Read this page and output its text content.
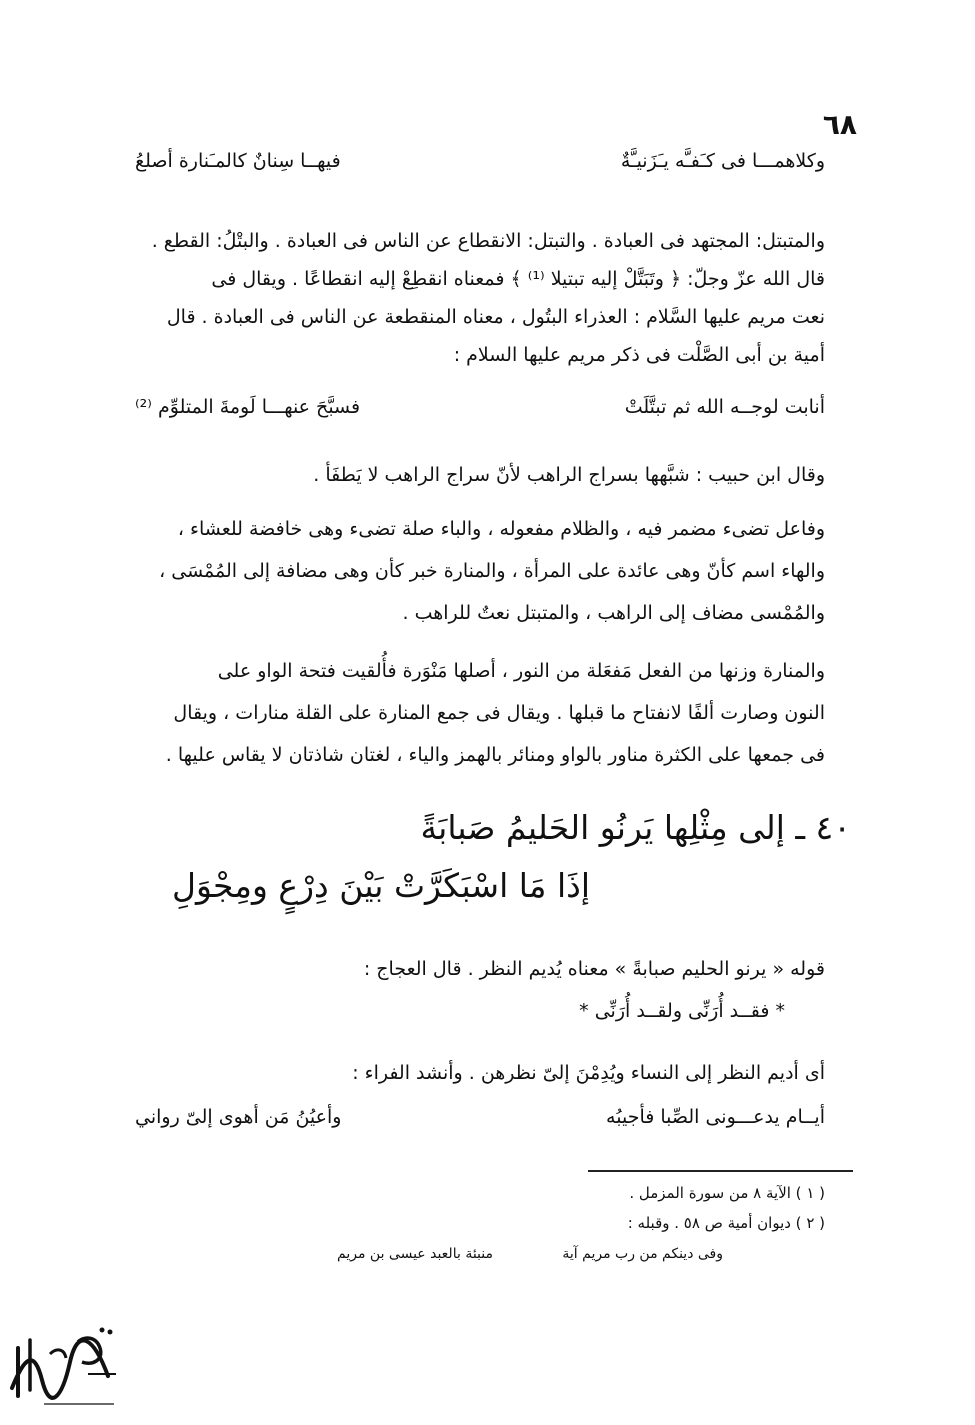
٦٨
وكلاهمـــا فى كـَفـَّه يـَزَنيـَّةٌ
فيهــا سِنانٌ كالمـَنارة أصلعُ
والمتبتل: المجتهد فى العبادة . والتبتل: الانقطاع عن الناس فى العبادة . والبتْلُ: القطع .
قال الله عزّ وجلّ: ﴿ وتَبَتَّلْ إليه تبتيلا ⁽¹⁾ ﴾ فمعناه انقطِعْ إليه انقطاعًا . ويقال فى
نعت مريم عليها السَّلام : العذراء البتُول ، معناه المنقطعة عن الناس فى العبادة . قال
أمية بن أبى الصَّلْت فى ذكر مريم عليها السلام :
أنابت لوجــه الله ثم تبتَّلَتْ
فسبَّحَ عنهـــا لَومةَ المتلوِّم ⁽²⁾
وقال ابن حبيب : شبَّهها بسراج الراهب لأنّ سراج الراهب لا يَطفَأ .
وفاعل تضىء مضمر فيه ، والظلام مفعوله ، والباء صلة تضىء وهى خافضة للعشاء ،
والهاء اسم كأنّ وهى عائدة على المرأة ، والمنارة خبر كأن وهى مضافة إلى المُمْسَى ،
والمُمْسى مضاف إلى الراهب ، والمتبتل نعتٌ للراهب .
والمنارة وزنها من الفعل مَفعَلة من النور ، أصلها مَنْوَرة فأُلقيت فتحة الواو على
النون وصارت ألفًا لانفتاح ما قبلها . ويقال فى جمع المنارة على القلة منارات ، ويقال
فى جمعها على الكثرة مناور بالواو ومنائر بالهمز والياء ، لغتان شاذتان لا يقاس عليها .
٤٠ ـ إلى مِثْلِها يَرنُو الحَليمُ صَبابَةً
إذَا مَا اسْبَكَرَّتْ بَيْنَ دِرْعٍ ومِجْوَلِ
قوله « يرنو الحليم صبابةً » معناه يُديم النظر . قال العجاج :
* فقــد أُرَنِّى ولقــد أُرَنِّى *
أى أديم النظر إلى النساء ويُدِمْنَ إلىّ نظرهن . وأنشد الفراء :
أيــام يدعـــونى الصِّبا فأجيبُه
وأعيُنُ مَن أهوى إلىّ رواني
( ١ ) الآية ٨ من سورة المزمل .
( ٢ ) ديوان أمية ص ٥٨ . وقبله :
وفى دينكم من رب مريم آية
منبئة بالعبد عيسى بن مريم
